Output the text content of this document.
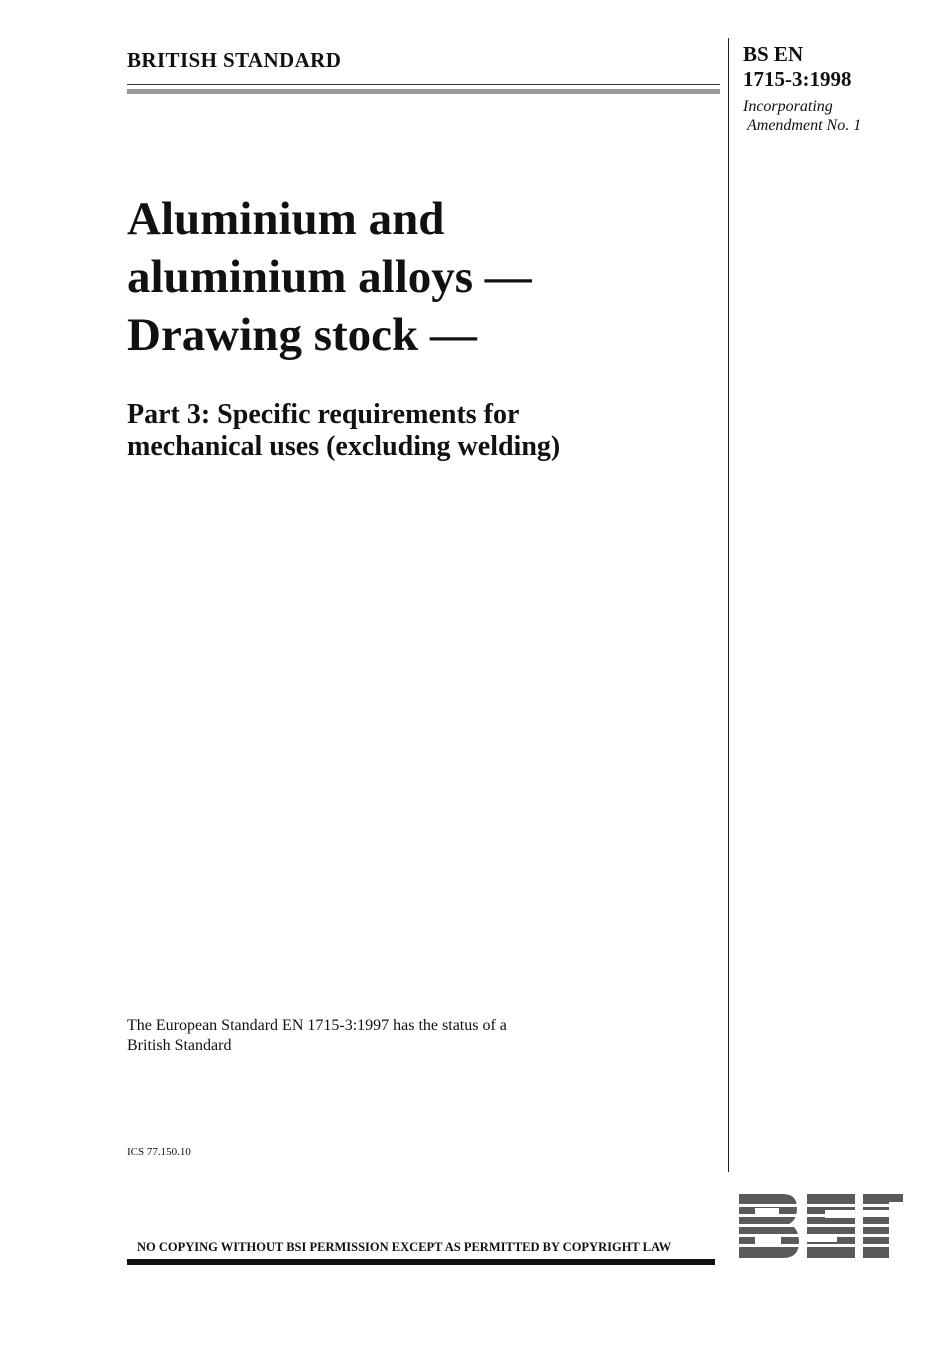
BRITISH STANDARD	BS EN
1715-3:1998
Incorporating
Amendment No. 1
Aluminium and
aluminium alloys —
Drawing stock —
Part 3: Specific requirements for
mechanical uses (excluding welding)
The European Standard EN 1715-3:1997 has the status of a
British Standard
ICS 77.150.10
NO COPYING WITHOUT BSI PERMISSION EXCEPT AS PERMITTED BY COPYRIGHT LAW
